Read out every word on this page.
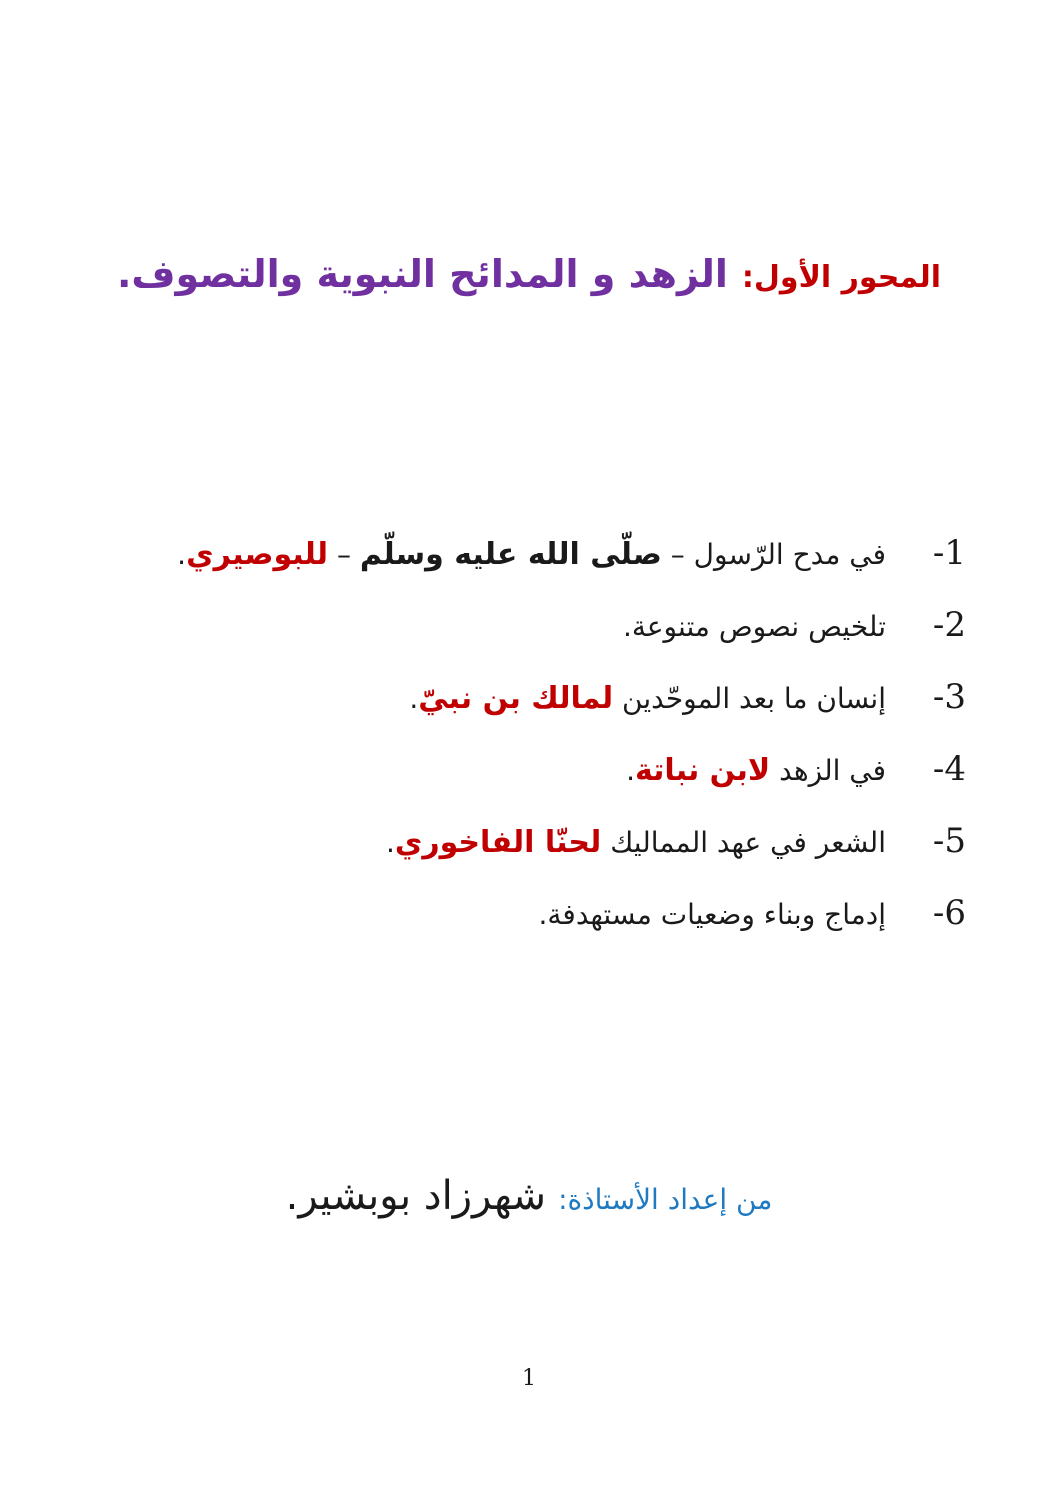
المحور الأول:الزهد و المدائح النبوية والتصوف.
1-في مدح الرّسول – صلّى الله عليه وسلّم – للبوصيري.
2-تلخيص نصوص متنوعة.
3-إنسان ما بعد الموحّدين لمالك بن نبيّ.
4-في الزهد لابن نباتة.
5-الشعر في عهد المماليك لحنّا الفاخوري.
6-إدماج وبناء وضعيات مستهدفة.
من إعداد الأستاذة:شهرزاد بوبشير.
1
